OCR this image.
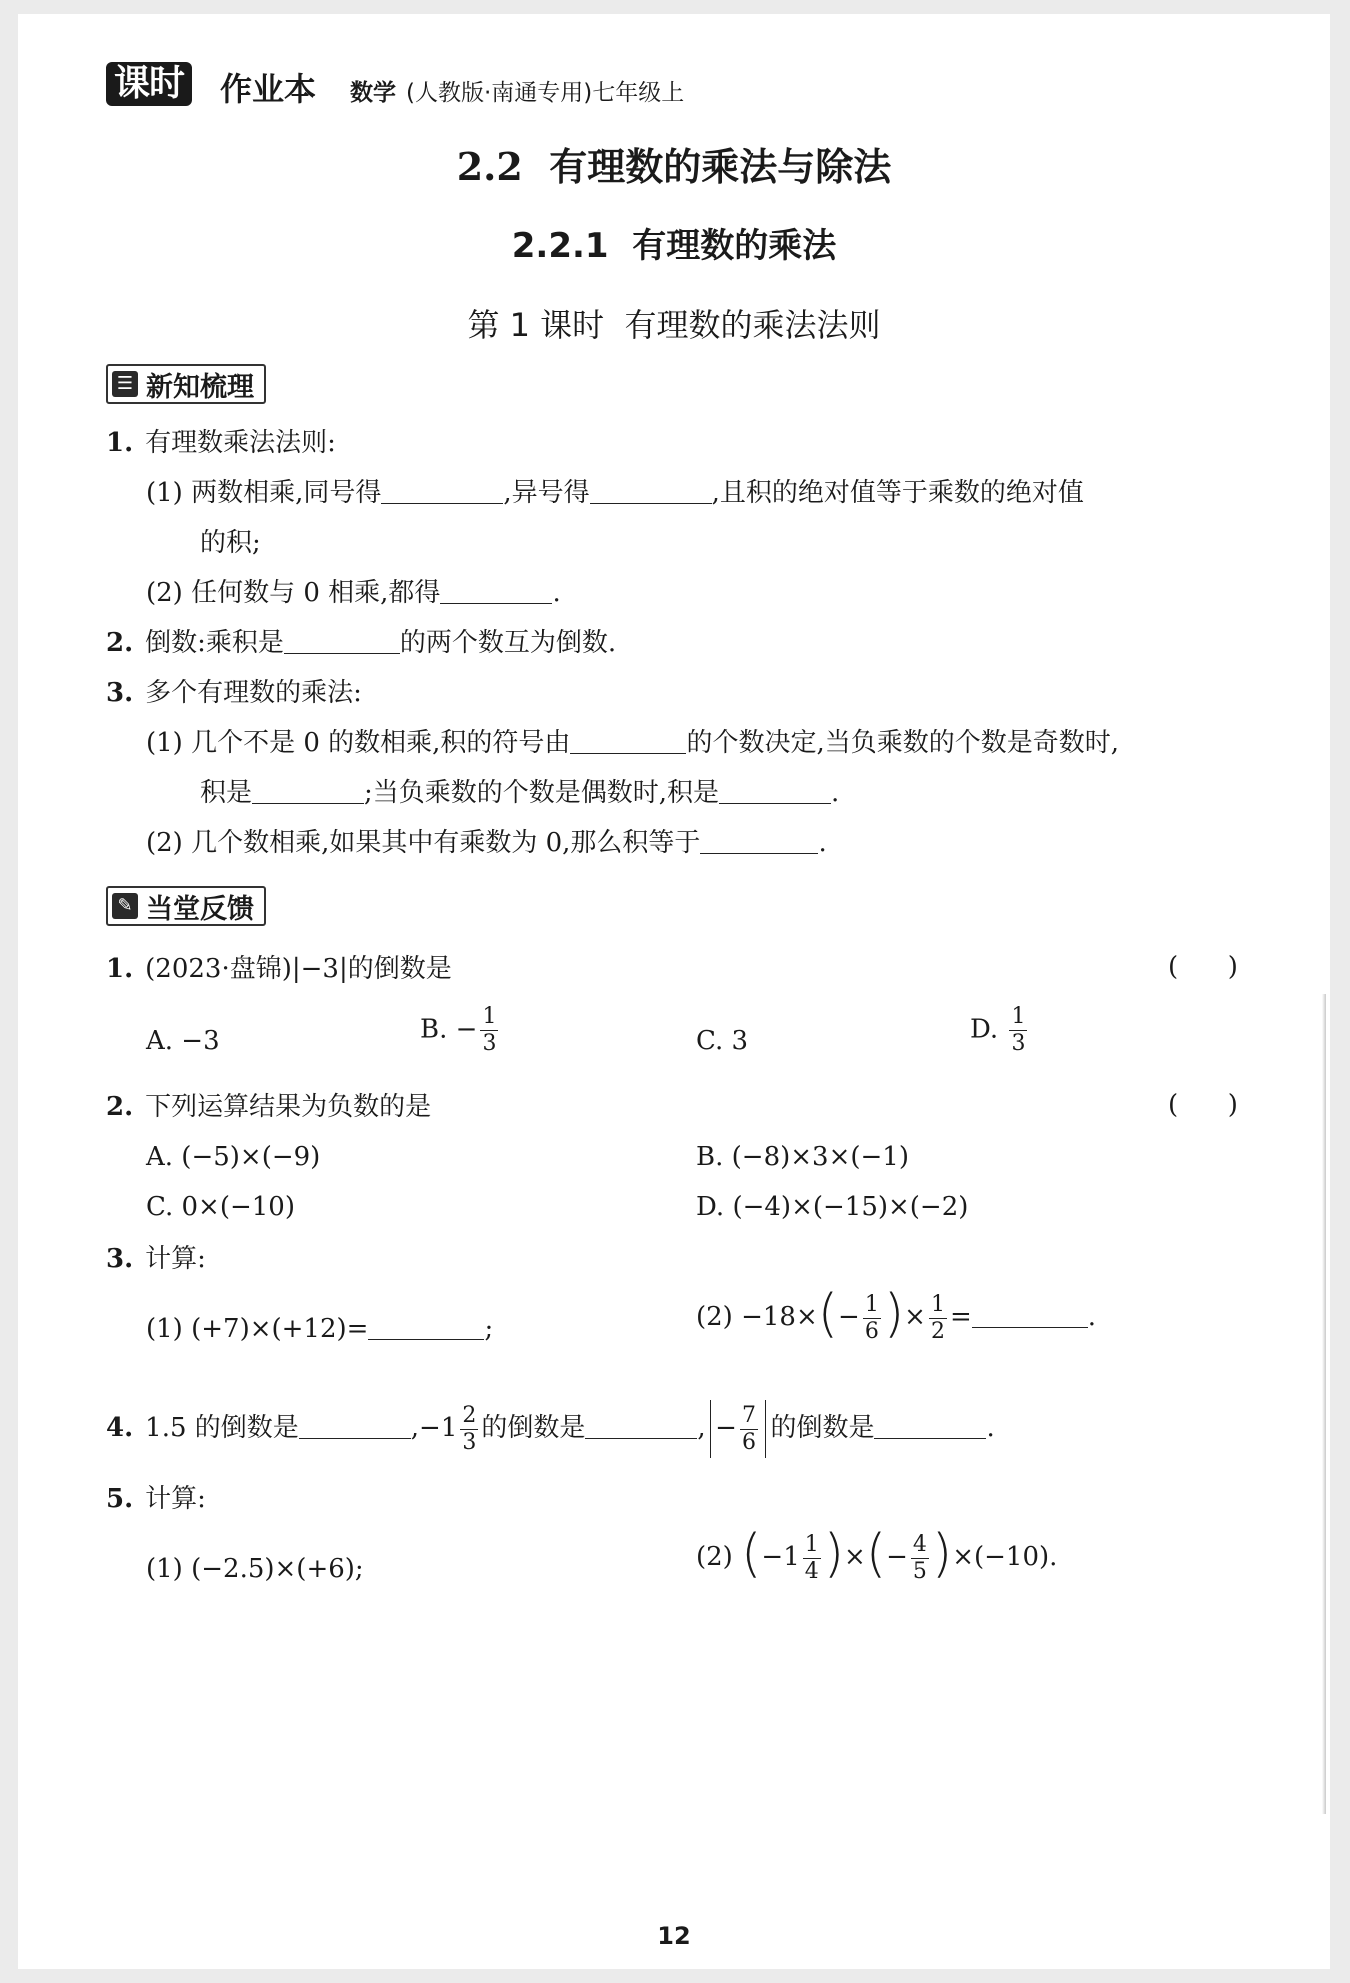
课时 作业本 数学 (人教版·南通专用)七年级上
2.2  有理数的乘法与除法
2.2.1  有理数的乘法
第 1 课时  有理数的乘法法则
☰ 新知梳理
1. 有理数乘法法则:
(1) 两数相乘,同号得	,异号得	,且积的绝对值等于乘数的绝对值
的积;
(2) 任何数与 0 相乘,都得	.
2. 倒数:乘积是	的两个数互为倒数.
3. 多个有理数的乘法:
(1) 几个不是 0 的数相乘,积的符号由	的个数决定,当负乘数的个数是奇数时,
积是	;当负乘数的个数是偶数时,积是	.
(2) 几个数相乘,如果其中有乘数为 0,那么积等于	.
✎ 当堂反馈
1. (2023·盘锦)|−3|的倒数是	(      )
A. −3	B. − $\frac{1}{3}$	C. 3	D. $\frac{1}{3}$
2. 下列运算结果为负数的是	(      )
A. (−5)×(−9)	B. (−8)×3×(−1)
C. 0×(−10)	D. (−4)×(−15)×(−2)
3. 计算:
(1) (+7)×(+12)=	;	$(2) -18\times(- \frac{1}{6}$ )× $\frac{1}{2}$ =	.
4. 1.5 的倒数是	$,-1 \frac{2}{3}$ 的倒数是	, − $\frac{7}{6}$ 的倒数是	.
5. 计算:
(1) (−2.5)×(+6);	(2) ($-1 \frac{1}{4}$ )×(− $\frac{4}{5} )\times(-10)$.
12
